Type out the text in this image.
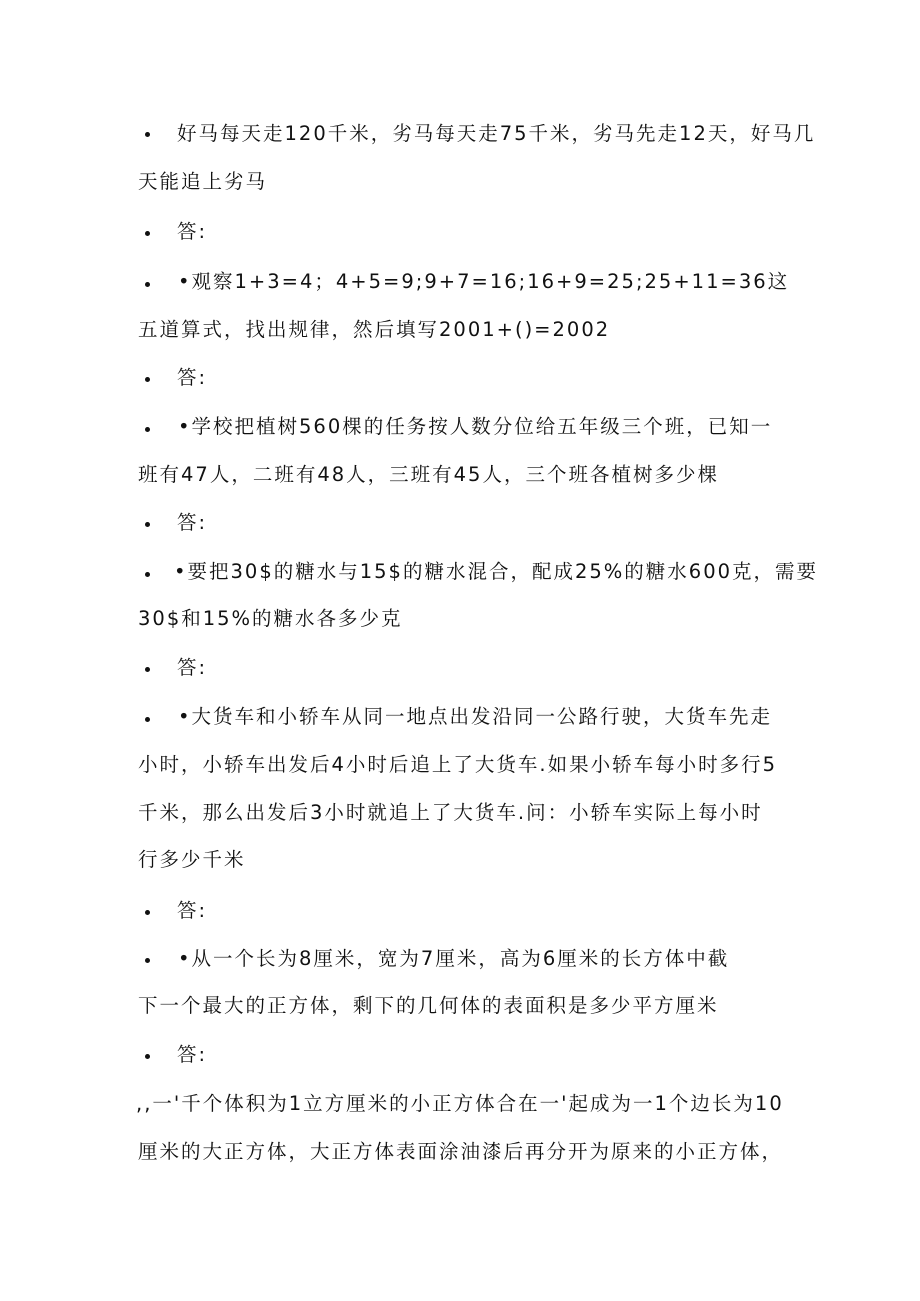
好马每天走120千米，劣马每天走75千米，劣马先走12天，好马几
天能追上劣马
答:
•观察1+3=4；4+5=9;9+7=16;16+9=25;25+11=36这
五道算式，找出规律，然后填写2001+()=2002
答:
•学校把植树560棵的任务按人数分位给五年级三个班，已知一
班有47人，二班有48人，三班有45人，三个班各植树多少棵
答:
•要把30$的糖水与15$的糖水混合，配成25%的糖水600克，需要
30$和15%的糖水各多少克
答:
•大货车和小轿车从同一地点出发沿同一公路行驶，大货车先走
小时，小轿车出发后4小时后追上了大货车.如果小轿车每小时多行5
千米，那么出发后3小时就追上了大货车.问：小轿车实际上每小时
行多少千米
答:
•从一个长为8厘米，宽为7厘米，高为6厘米的长方体中截
下一个最大的正方体，剩下的几何体的表面积是多少平方厘米
答:
,,一'千个体积为1立方厘米的小正方体合在一'起成为一1个边长为10
厘米的大正方体，大正方体表面涂油漆后再分开为原来的小正方体，
